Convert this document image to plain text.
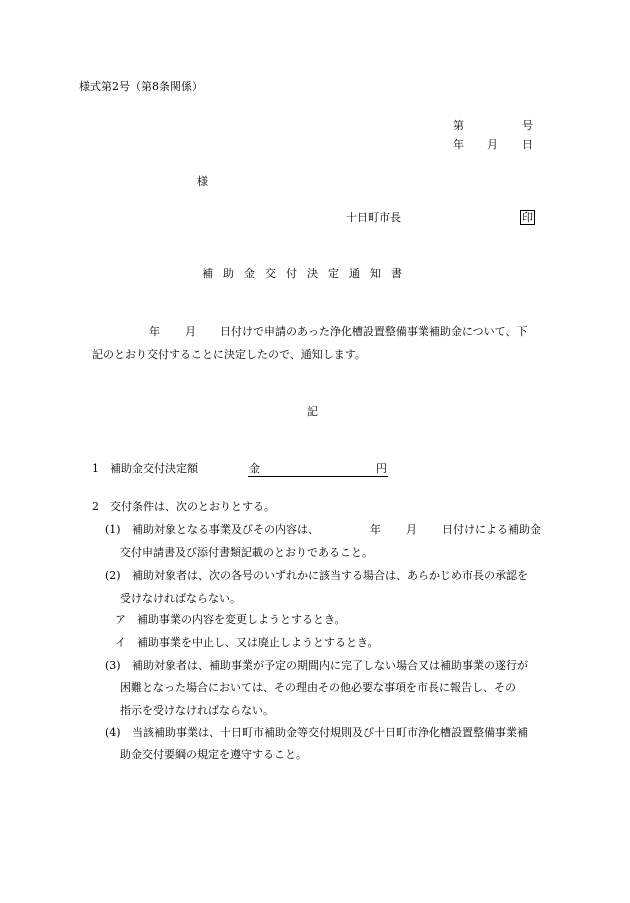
様式第2号（第8条関係）
第	号
年 月 日
様
十日町市長	印
補助金交付決定通知書
年 月 日付けで申請のあった浄化槽設置整備事業補助金について、下
記のとおり交付することに決定したので、通知します。
記
1　補助金交付決定額	金	円
2　交付条件は、次のとおりとする。
(1) 補助対象となる事業及びその内容は、	年 月 日付けによる補助金
交付申請書及び添付書類記載のとおりであること。
(2) 補助対象者は、次の各号のいずれかに該当する場合は、あらかじめ市長の承認を
受けなければならない。
ア　補助事業の内容を変更しようとするとき。
イ　補助事業を中止し、又は廃止しようとするとき。
(3) 補助対象者は、補助事業が予定の期間内に完了しない場合又は補助事業の遂行が
困難となった場合においては、その理由その他必要な事項を市長に報告し、その
指示を受けなければならない。
(4) 当該補助事業は、十日町市補助金等交付規則及び十日町市浄化槽設置整備事業補
助金交付要綱の規定を遵守すること。
